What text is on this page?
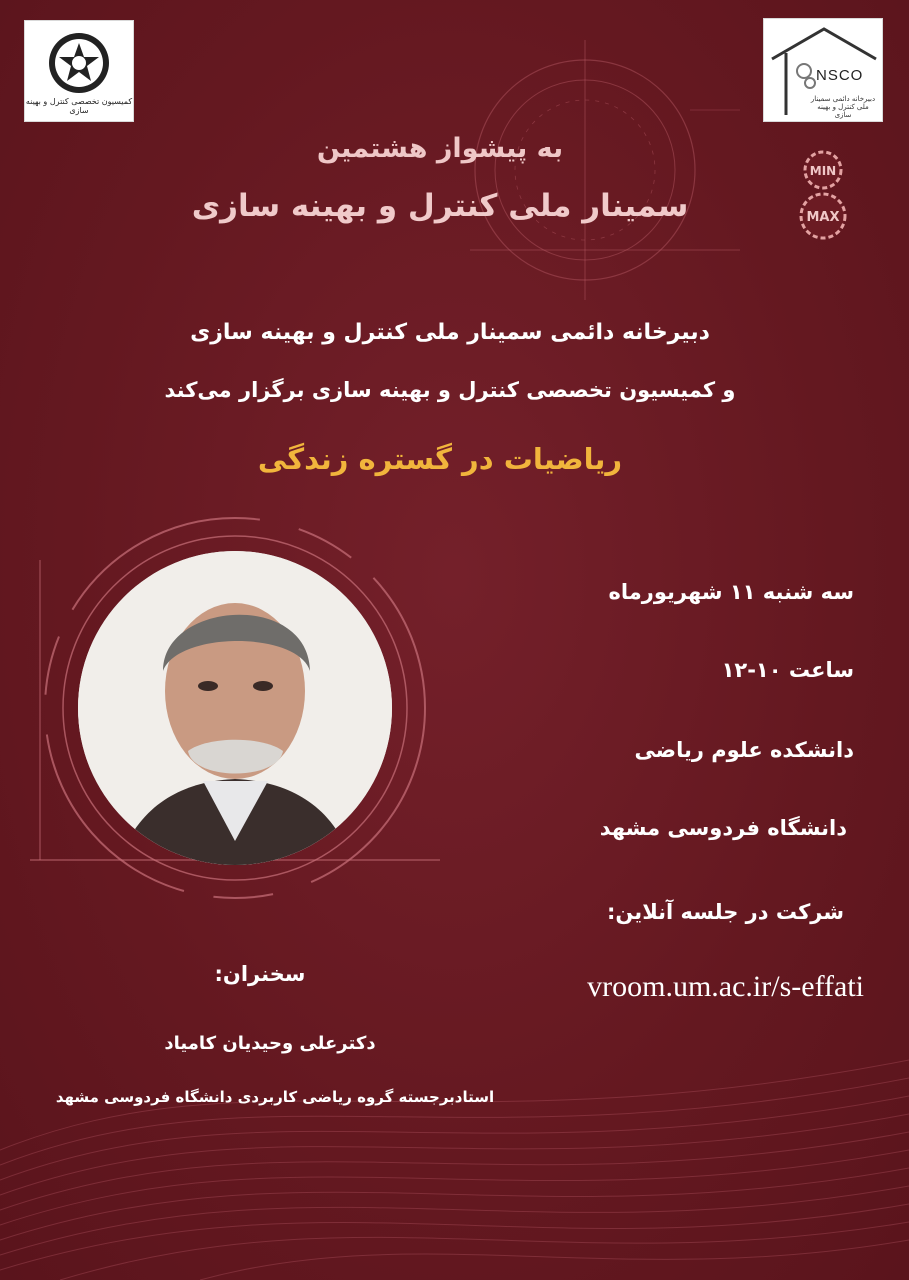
کمیسیون تخصصی کنترل و بهینه سازی
NSCO
دبیرخانه دائمی سمینار ملی کنترل و بهینه سازی
MIN
MAX
به پیشواز هشتمین
سمینار ملی کنترل و بهینه سازی
دبیرخانه دائمی سمینار ملی کنترل و بهینه سازی
و کمیسیون تخصصی کنترل و بهینه سازی برگزار می‌کند
ریاضیات در گستره زندگی
سه شنبه ۱۱ شهریورماه
ساعت ۱۰-۱۲
دانشکده علوم ریاضی
دانشگاه فردوسی مشهد
شرکت در جلسه آنلاین:
vroom.um.ac.ir/s-effati
سخنران:
دکترعلی وحیدیان کامیاد
استادبرجسته گروه ریاضی کاربردی دانشگاه فردوسی مشهد
